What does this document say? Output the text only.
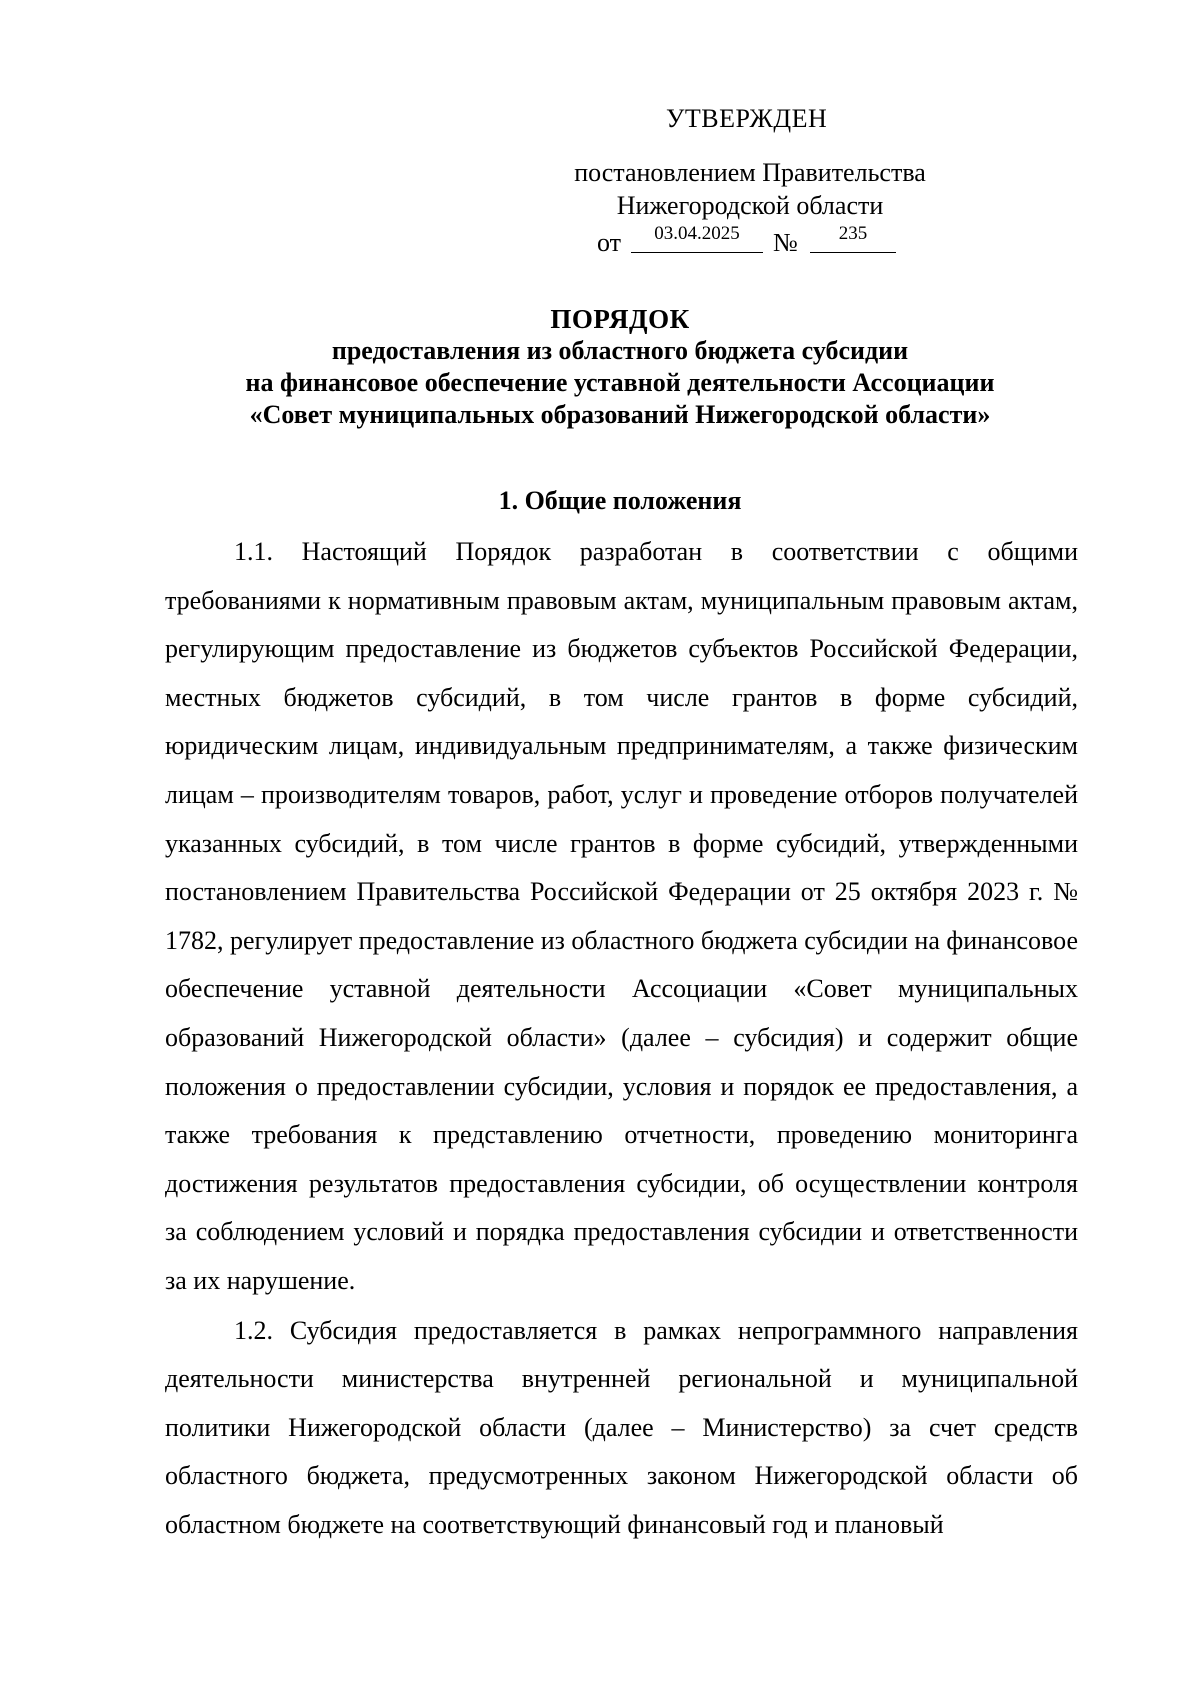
УТВЕРЖДЕН
постановлением Правительства
Нижегородской области
от	03.04.2025	№	235
ПОРЯДОК
предоставления из областного бюджета субсидии
на финансовое обеспечение уставной деятельности Ассоциации
«Совет муниципальных образований Нижегородской области»
1. Общие положения

1.1. Настоящий Порядок разработан в соответствии с общими требованиями к нормативным правовым актам, муниципальным правовым актам, регулирующим предоставление из бюджетов субъектов Российской Федерации, местных бюджетов субсидий, в том числе грантов в форме субсидий, юридическим лицам, индивидуальным предпринимателям, а также физическим лицам – производителям товаров, работ, услуг и проведение отборов получателей указанных субсидий, в том числе грантов в форме субсидий, утвержденными постановлением Правительства Российской Федерации от 25 октября 2023 г. № 1782, регулирует предоставление из областного бюджета субсидии на финансовое обеспечение уставной деятельности Ассоциации «Совет муниципальных образований Нижегородской области» (далее – субсидия) и содержит общие положения о предоставлении субсидии, условия и порядок ее предоставления, а также требования к представлению отчетности, проведению мониторинга достижения результатов предоставления субсидии, об осуществлении контроля за соблюдением условий и порядка предоставления субсидии и ответственности за их нарушение.

1.2. Субсидия предоставляется в рамках непрограммного направления деятельности министерства внутренней региональной и муниципальной политики Нижегородской области (далее – Министерство) за счет средств областного бюджета, предусмотренных законом Нижегородской области об областном бюджете на соответствующий финансовый год и плановый
